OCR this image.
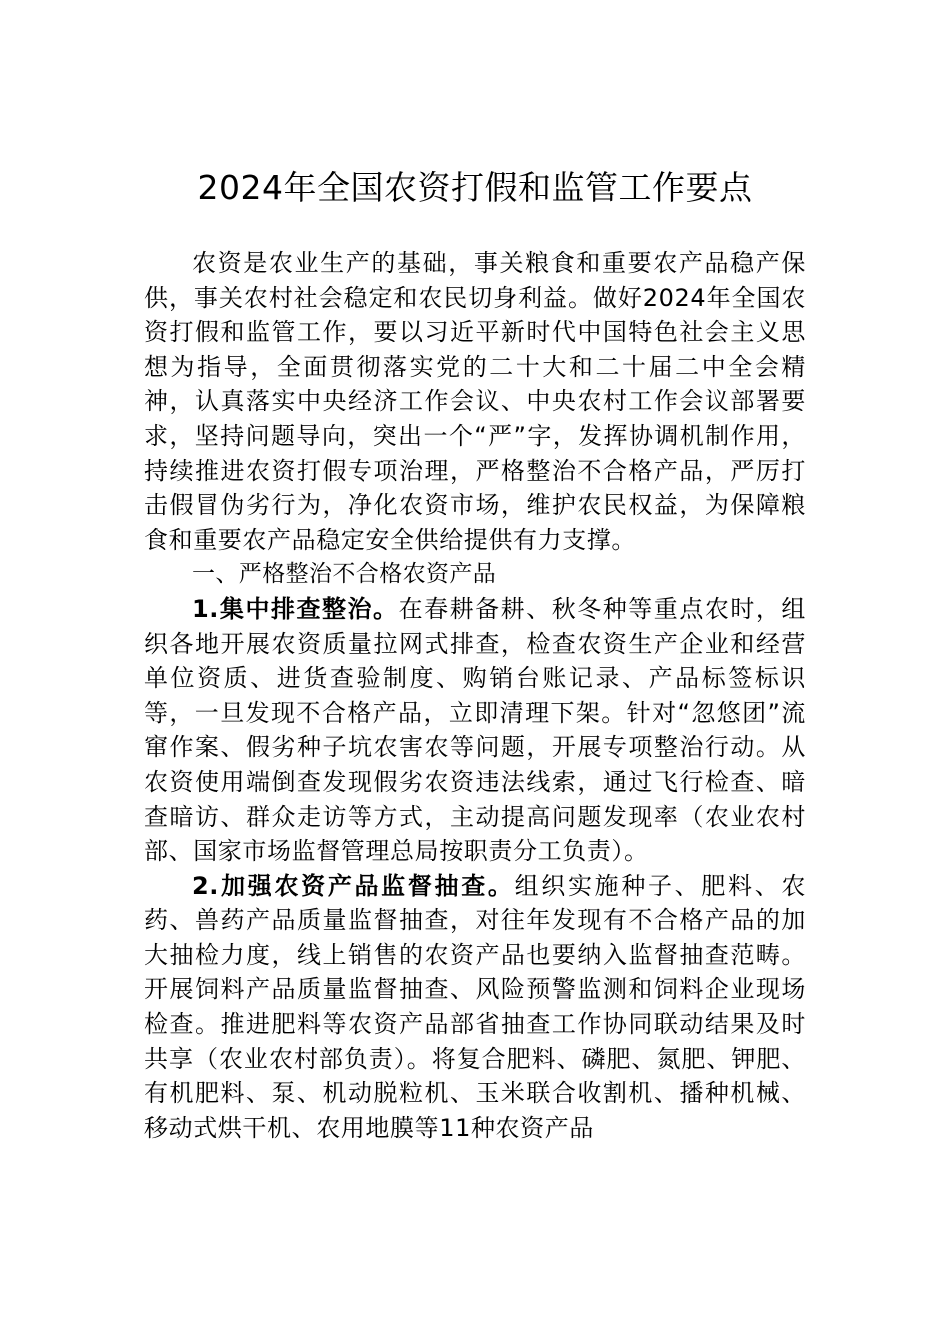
2024年全国农资打假和监管工作要点

农资是农业生产的基础，事关粮食和重要农产品稳产保供，事关农村社会稳定和农民切身利益。做好2024年全国农资打假和监管工作，要以习近平新时代中国特色社会主义思想为指导，全面贯彻落实党的二十大和二十届二中全会精神，认真落实中央经济工作会议、中央农村工作会议部署要求，坚持问题导向，突出一个“严”字，发挥协调机制作用，持续推进农资打假专项治理，严格整治不合格产品，严厉打击假冒伪劣行为，净化农资市场，维护农民权益，为保障粮食和重要农产品稳定安全供给提供有力支撑。

一、严格整治不合格农资产品

1.集中排查整治。在春耕备耕、秋冬种等重点农时，组织各地开展农资质量拉网式排查，检查农资生产企业和经营单位资质、进货查验制度、购销台账记录、产品标签标识等，一旦发现不合格产品，立即清理下架。针对“忽悠团”流窜作案、假劣种子坑农害农等问题，开展专项整治行动。从农资使用端倒查发现假劣农资违法线索，通过飞行检查、暗查暗访、群众走访等方式，主动提高问题发现率（农业农村部、国家市场监督管理总局按职责分工负责）。

2.加强农资产品监督抽查。组织实施种子、肥料、农药、兽药产品质量监督抽查，对往年发现有不合格产品的加大抽检力度，线上销售的农资产品也要纳入监督抽查范畴。开展饲料产品质量监督抽查、风险预警监测和饲料企业现场检查。推进肥料等农资产品部省抽查工作协同联动结果及时共享（农业农村部负责）。将复合肥料、磷肥、氮肥、钾肥、有机肥料、泵、机动脱粒机、玉米联合收割机、播种机械、移动式烘干机、农用地膜等11种农资产品
